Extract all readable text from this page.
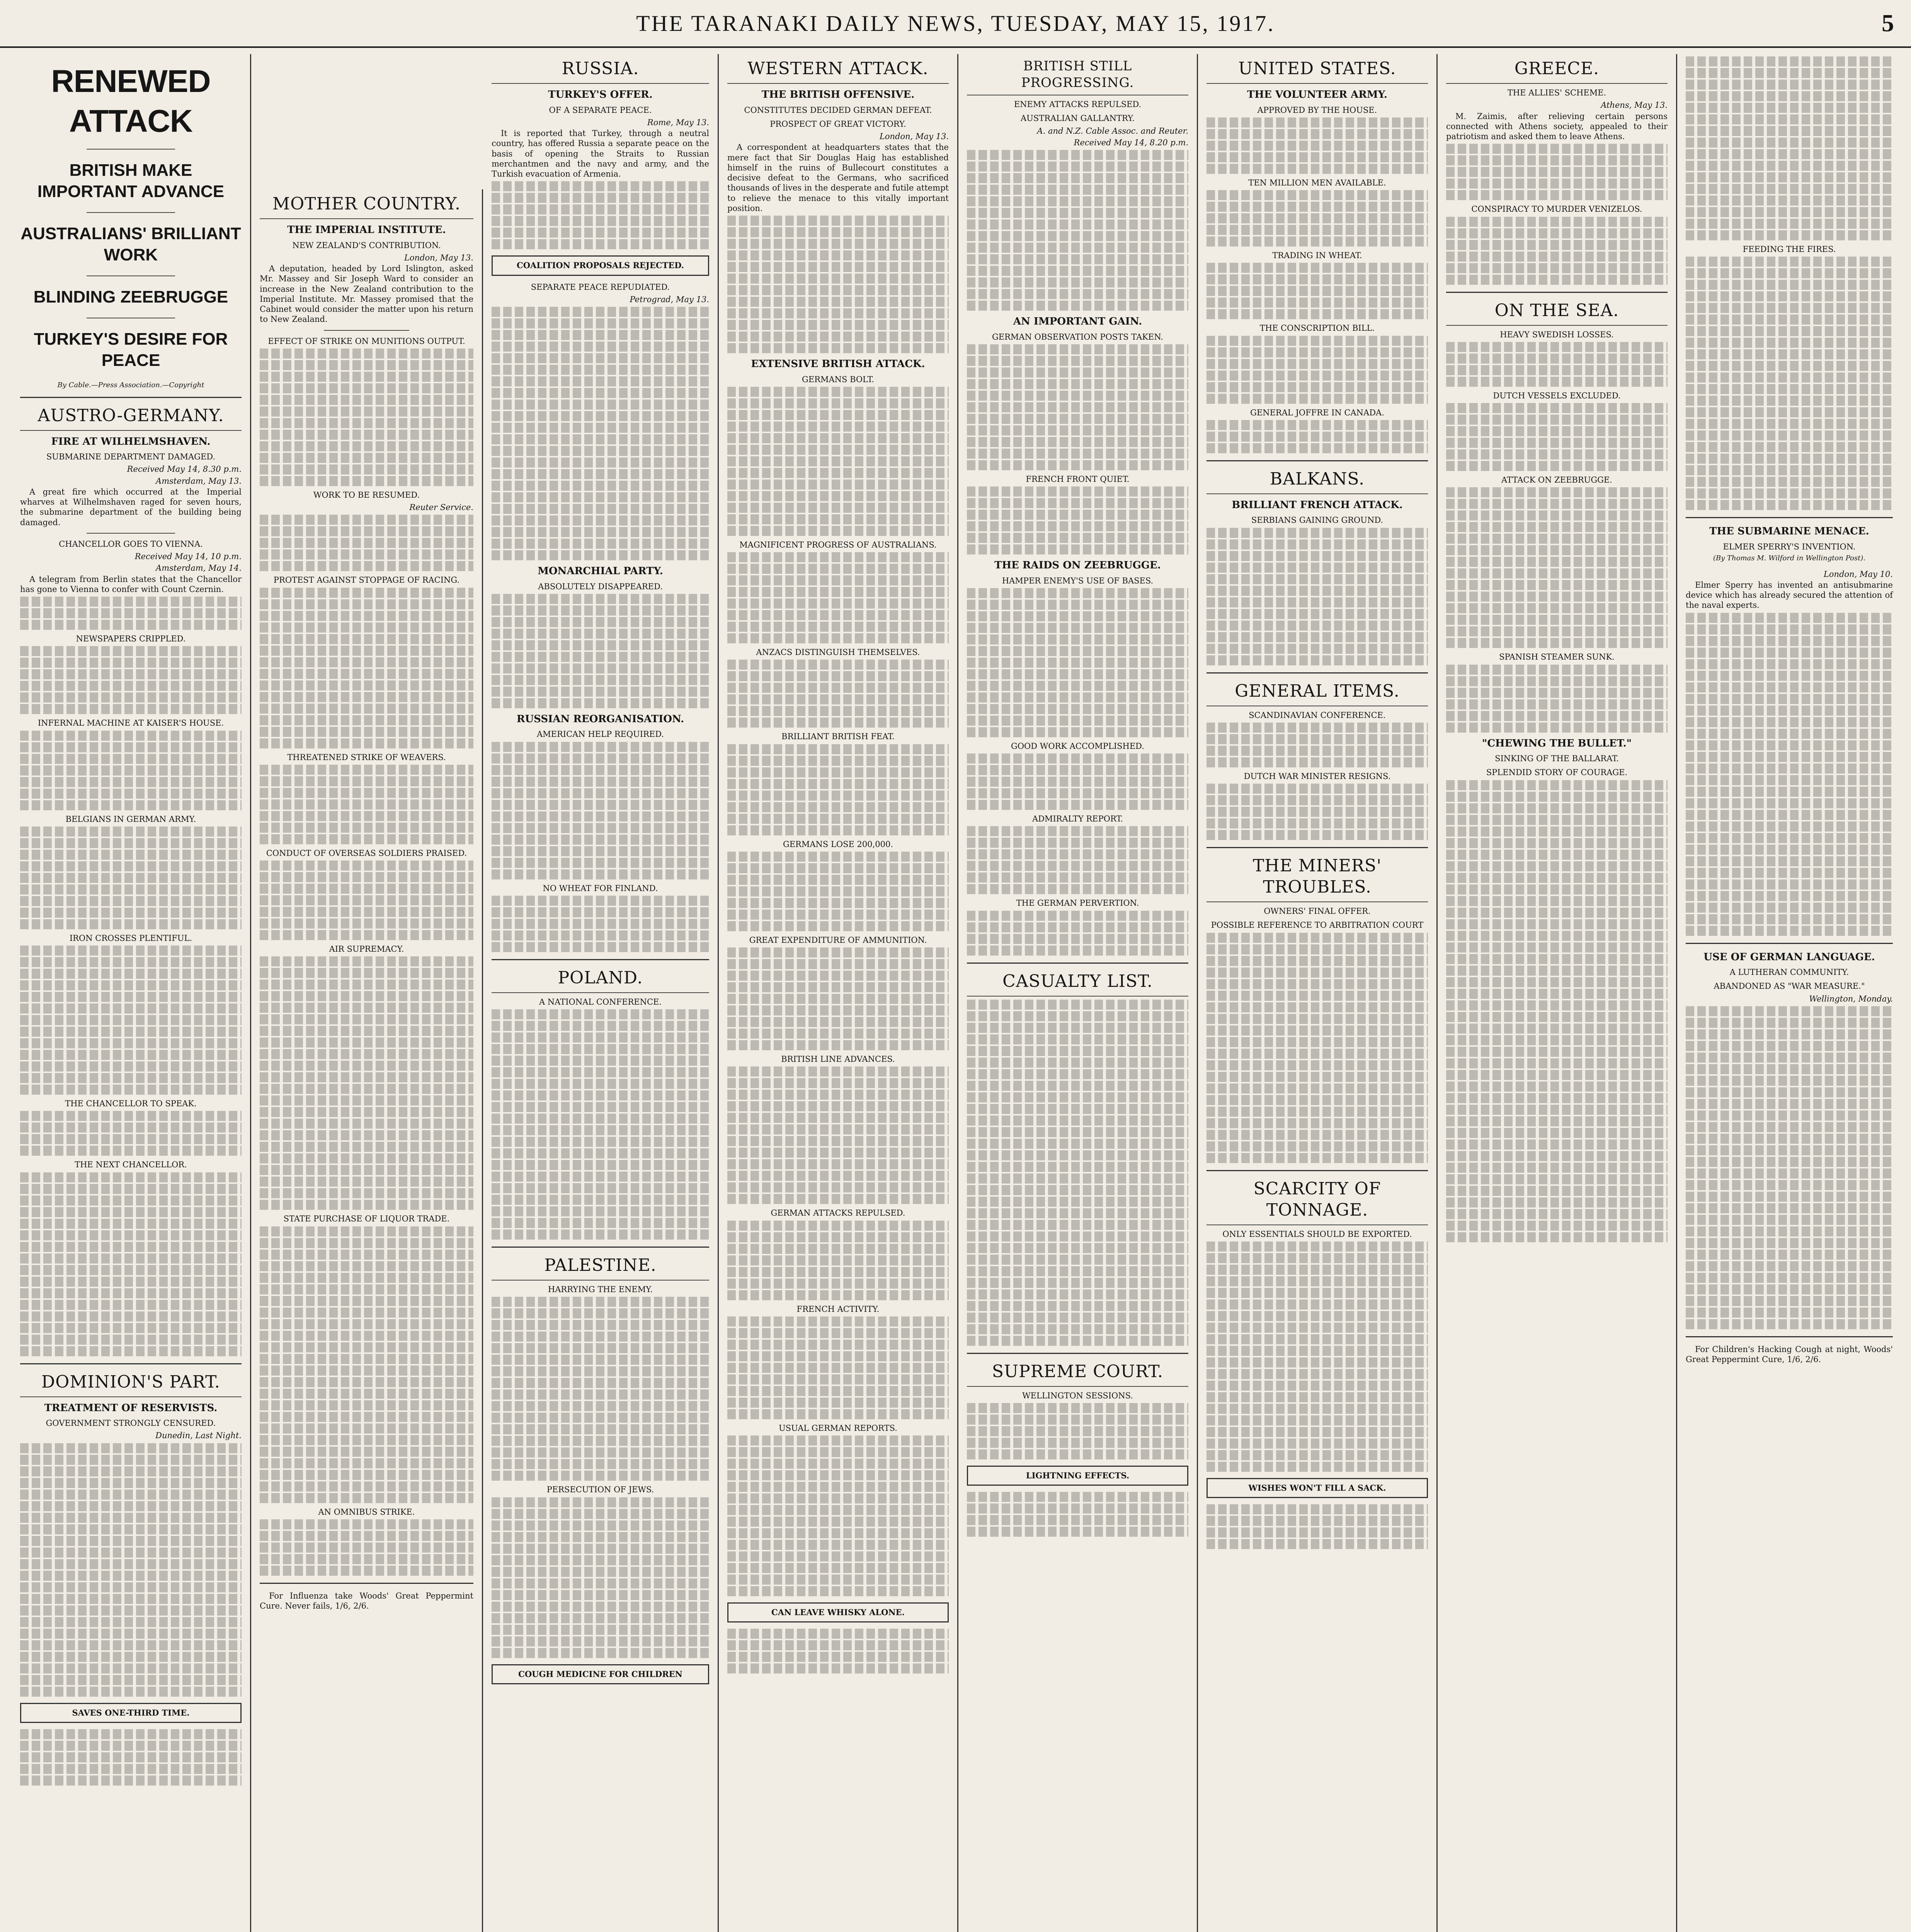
THE TARANAKI DAILY NEWS, TUESDAY, MAY 15, 1917.	5
RENEWED ATTACK
BRITISH MAKE IMPORTANT ADVANCE
AUSTRALIANS' BRILLIANT WORK
BLINDING ZEEBRUGGE
TURKEY'S DESIRE FOR PEACE
By Cable.—Press Association.—Copyright
AUSTRO-GERMANY.
FIRE AT WILHELMSHAVEN.
SUBMARINE DEPARTMENT DAMAGED.
Received May 14, 8.30 p.m.
Amsterdam, May 13.

A great fire which occurred at the Imperial wharves at Wilhelmshaven raged for seven hours, the submarine department of the building being damaged.

CHANCELLOR GOES TO VIENNA.
Received May 14, 10 p.m.
Amsterdam, May 14.

A telegram from Berlin states that the Chancellor has gone to Vienna to confer with Count Czernin.

NEWSPAPERS CRIPPLED.
INFERNAL MACHINE AT KAISER'S HOUSE.
BELGIANS IN GERMAN ARMY.
IRON CROSSES PLENTIFUL.
THE CHANCELLOR TO SPEAK.
THE NEXT CHANCELLOR.
DOMINION'S PART.
TREATMENT OF RESERVISTS.
GOVERNMENT STRONGLY CENSURED.
Dunedin, Last Night.
SAVES ONE-THIRD TIME.
MOTHER COUNTRY.
THE IMPERIAL INSTITUTE.
NEW ZEALAND'S CONTRIBUTION.
London, May 13.

A deputation, headed by Lord Islington, asked Mr. Massey and Sir Joseph Ward to consider an increase in the New Zealand contribution to the Imperial Institute. Mr. Massey promised that the Cabinet would consider the matter upon his return to New Zealand.

EFFECT OF STRIKE ON MUNITIONS OUTPUT.
WORK TO BE RESUMED.
Reuter Service.
PROTEST AGAINST STOPPAGE OF RACING.
THREATENED STRIKE OF WEAVERS.
CONDUCT OF OVERSEAS SOLDIERS PRAISED.
AIR SUPREMACY.
STATE PURCHASE OF LIQUOR TRADE.
AN OMNIBUS STRIKE.

For Influenza take Woods' Great Peppermint Cure. Never fails, 1/6, 2/6.

RUSSIA.
TURKEY'S OFFER.
OF A SEPARATE PEACE.
Rome, May 13.

It is reported that Turkey, through a neutral country, has offered Russia a separate peace on the basis of opening the Straits to Russian merchantmen and the navy and army, and the Turkish evacuation of Armenia.

COALITION PROPOSALS REJECTED.
SEPARATE PEACE REPUDIATED.
Petrograd, May 13.
MONARCHIAL PARTY.
ABSOLUTELY DISAPPEARED.
RUSSIAN REORGANISATION.
AMERICAN HELP REQUIRED.
NO WHEAT FOR FINLAND.
POLAND.
A NATIONAL CONFERENCE.
PALESTINE.
HARRYING THE ENEMY.
PERSECUTION OF JEWS.
COUGH MEDICINE FOR CHILDREN
WESTERN ATTACK.
THE BRITISH OFFENSIVE.
CONSTITUTES DECIDED GERMAN DEFEAT.
PROSPECT OF GREAT VICTORY.
London, May 13.

A correspondent at headquarters states that the mere fact that Sir Douglas Haig has established himself in the ruins of Bullecourt constitutes a decisive defeat to the Germans, who sacrificed thousands of lives in the desperate and futile attempt to relieve the menace to this vitally important position.

EXTENSIVE BRITISH ATTACK.
GERMANS BOLT.
MAGNIFICENT PROGRESS OF AUSTRALIANS.
ANZACS DISTINGUISH THEMSELVES.
BRILLIANT BRITISH FEAT.
GERMANS LOSE 200,000.
GREAT EXPENDITURE OF AMMUNITION.
BRITISH LINE ADVANCES.
GERMAN ATTACKS REPULSED.
FRENCH ACTIVITY.
USUAL GERMAN REPORTS.
CAN LEAVE WHISKY ALONE.
BRITISH STILL PROGRESSING.
ENEMY ATTACKS REPULSED.
AUSTRALIAN GALLANTRY.
A. and N.Z. Cable Assoc. and Reuter.
Received May 14, 8.20 p.m.
AN IMPORTANT GAIN.
GERMAN OBSERVATION POSTS TAKEN.
FRENCH FRONT QUIET.
THE RAIDS ON ZEEBRUGGE.
HAMPER ENEMY'S USE OF BASES.
GOOD WORK ACCOMPLISHED.
ADMIRALTY REPORT.
THE GERMAN PERVERTION.
CASUALTY LIST.
SUPREME COURT.
WELLINGTON SESSIONS.
LIGHTNING EFFECTS.
UNITED STATES.
THE VOLUNTEER ARMY.
APPROVED BY THE HOUSE.
TEN MILLION MEN AVAILABLE.
TRADING IN WHEAT.
THE CONSCRIPTION BILL.
GENERAL JOFFRE IN CANADA.
BALKANS.
BRILLIANT FRENCH ATTACK.
SERBIANS GAINING GROUND.
GENERAL ITEMS.
SCANDINAVIAN CONFERENCE.
DUTCH WAR MINISTER RESIGNS.
THE MINERS' TROUBLES.
OWNERS' FINAL OFFER.
POSSIBLE REFERENCE TO ARBITRATION COURT
SCARCITY OF TONNAGE.
ONLY ESSENTIALS SHOULD BE EXPORTED.
WISHES WON'T FILL A SACK.
GREECE.
THE ALLIES' SCHEME.
Athens, May 13.

M. Zaimis, after relieving certain persons connected with Athens society, appealed to their patriotism and asked them to leave Athens.

CONSPIRACY TO MURDER VENIZELOS.
ON THE SEA.
HEAVY SWEDISH LOSSES.
DUTCH VESSELS EXCLUDED.
ATTACK ON ZEEBRUGGE.
SPANISH STEAMER SUNK.
"CHEWING THE BULLET."
SINKING OF THE BALLARAT.
SPLENDID STORY OF COURAGE.
FEEDING THE FIRES.
THE SUBMARINE MENACE.
ELMER SPERRY'S INVENTION.
(By Thomas M. Wilford in Wellington Post).
London, May 10.

Elmer Sperry has invented an antisubmarine device which has already secured the attention of the naval experts.

USE OF GERMAN LANGUAGE.
A LUTHERAN COMMUNITY.
ABANDONED AS "WAR MEASURE."
Wellington, Monday.

For Children's Hacking Cough at night, Woods' Great Peppermint Cure, 1/6, 2/6.
